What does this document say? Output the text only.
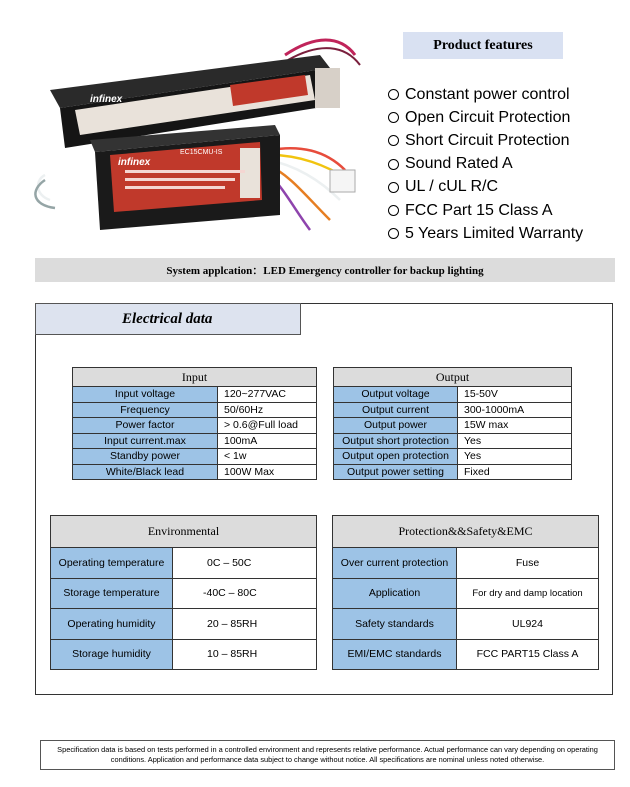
infinex
infinex
EC15CMU-IS
Product features
Constant power control
Open Circuit Protection
Short Circuit Protection
Sound Rated A
UL / cUL R/C
FCC Part 15 Class A
5 Years Limited Warranty
System applcation：LED Emergency controller for backup lighting
Electrical data
Input	
Input voltage	120~277VAC
Frequency	50/60Hz
Power factor	> 0.6@Full load
Input current.max	100mA
Standby power	< 1w
White/Black lead	100W Max
Output	
Output voltage	15-50V
Output current	300-1000mA
Output power	15W max
Output short protection	Yes
Output open protection	Yes
Output power setting	Fixed
Environmental	
Operating temperature	0C – 50C
Storage temperature	-40C – 80C
Operating humidity	20 – 85RH
Storage humidity	10 – 85RH
Protection&&Safety&EMC	
Over current protection	Fuse
Application	For dry and damp location
Safety standards	UL924
EMI/EMC standards	FCC PART15 Class A
Specification data is based on tests performed in a controlled environment and represents relative performance. Actual performance can vary depending on operating conditions. Application and performance data subject to change without notice. All specifications are nominal unless noted otherwise.
